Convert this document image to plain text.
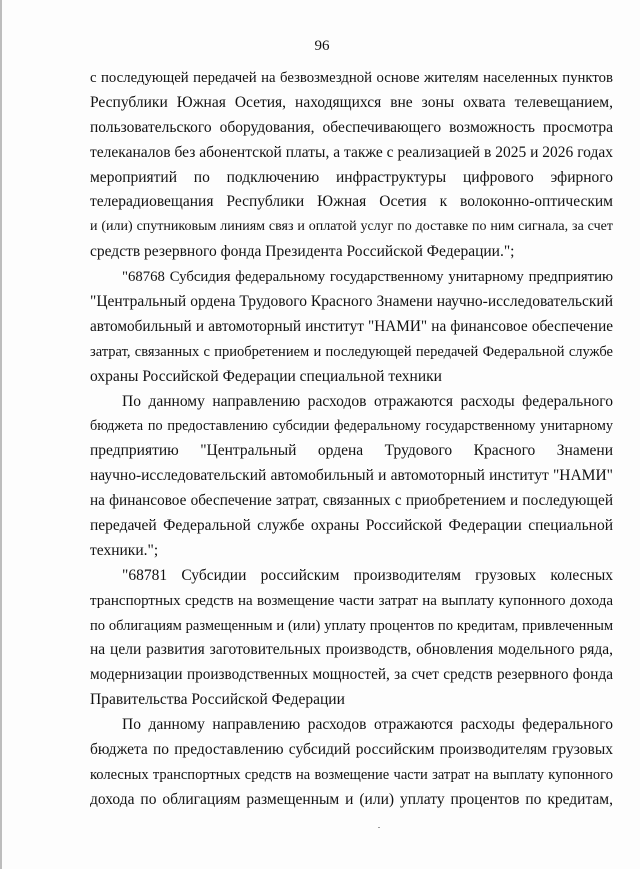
96
с последующей передачей на безвозмездной основе жителям населенных пунктов
Республики Южная Осетия, находящихся вне зоны охвата телевещанием,
пользовательского оборудования, обеспечивающего возможность просмотра
телеканалов без абонентской платы, а также с реализацией в 2025 и 2026 годах
мероприятий по подключению инфраструктуры цифрового эфирного
телерадиовещания Республики Южная Осетия к волоконно-оптическим
и (или) спутниковым линиям связ и оплатой услуг по доставке по ним сигнала, за счет
средств резервного фонда Президента Российской Федерации.";
"68768 Субсидия федеральному государственному унитарному предприятию
"Центральный ордена Трудового Красного Знамени научно-исследовательский
автомобильный и автомоторный институт "НАМИ" на финансовое обеспечение
затрат, связанных с приобретением и последующей передачей Федеральной службе
охраны Российской Федерации специальной техники
По данному направлению расходов отражаются расходы федерального
бюджета по предоставлению субсидии федеральному государственному унитарному
предприятию "Центральный ордена Трудового Красного Знамени
научно-исследовательский автомобильный и автомоторный институт "НАМИ"
на финансовое обеспечение затрат, связанных с приобретением и последующей
передачей Федеральной службе охраны Российской Федерации специальной
техники.";
"68781 Субсидии российским производителям грузовых колесных
транспортных средств на возмещение части затрат на выплату купонного дохода
по облигациям размещенным и (или) уплату процентов по кредитам, привлеченным
на цели развития заготовительных производств, обновления модельного ряда,
модернизации производственных мощностей, за счет средств резервного фонда
Правительства Российской Федерации
По данному направлению расходов отражаются расходы федерального
бюджета по предоставлению субсидий российским производителям грузовых
колесных транспортных средств на возмещение части затрат на выплату купонного
дохода по облигациям размещенным и (или) уплату процентов по кредитам,
